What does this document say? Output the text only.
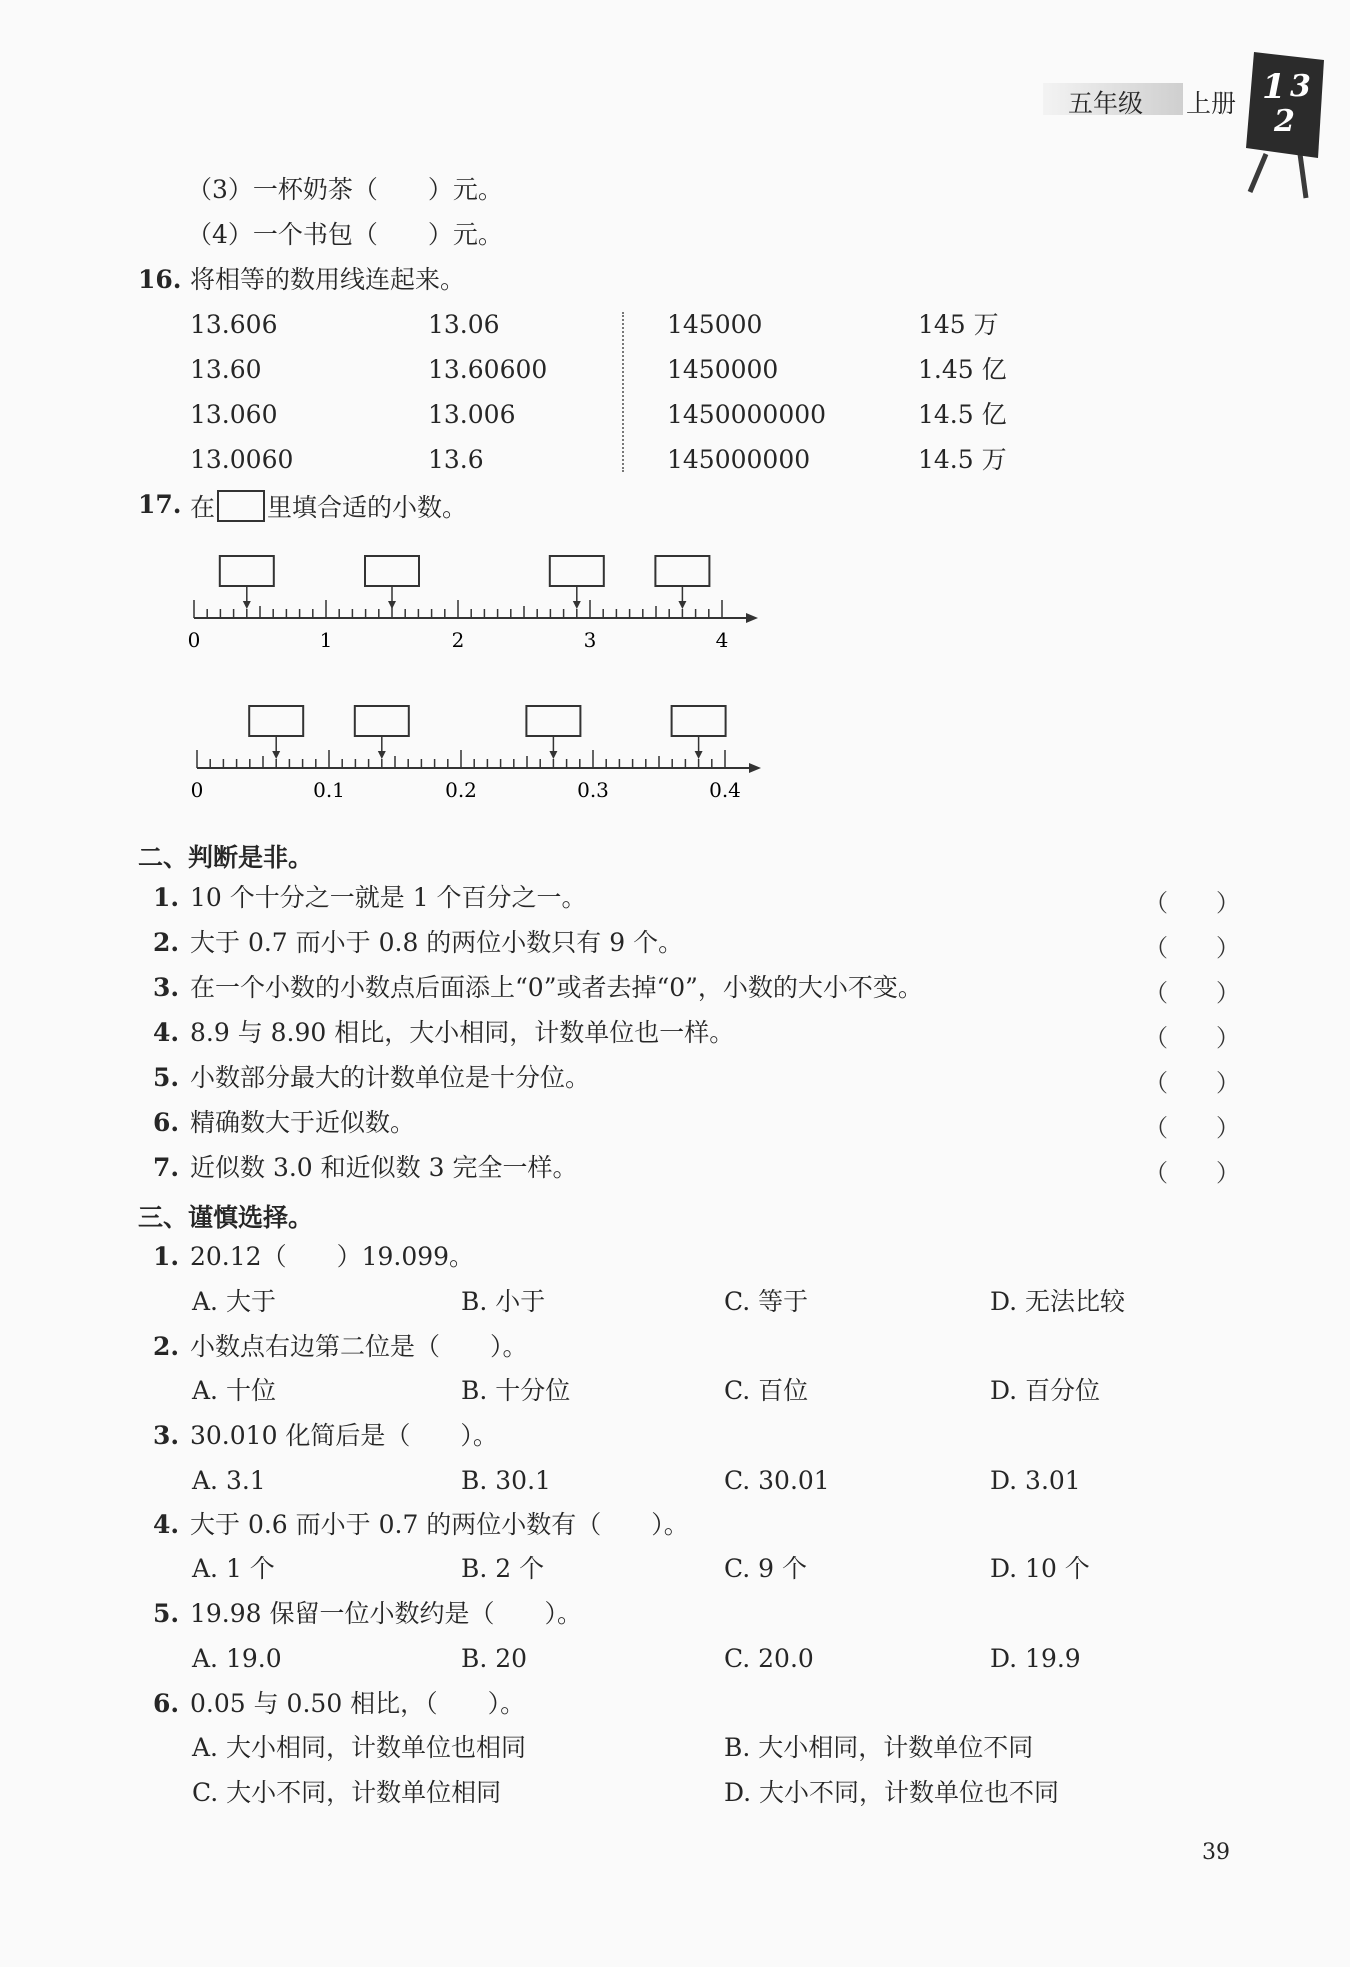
五年级 上册 1 3
2
（3）一杯奶茶（　　）元。
（4）一个书包（　　）元。
16. 将相等的数用线连起来。
13.606	13.06	145000	145 万
13.60	13.60600	1450000	1.45 亿
13.060	13.006	1450000000	14.5 亿
13.0060	13.6	145000000	14.5 万
17. 在 里填合适的小数。
0	1	2	3	4
0	0.1	0.2	0.3	0.4
二、判断是非。
1. 10 个十分之一就是 1 个百分之一。	（　　）
2. 大于 0.7 而小于 0.8 的两位小数只有 9 个。	（　　）
3. 在一个小数的小数点后面添上“0”或者去掉“0”，小数的大小不变。	（　　）
4. 8.9 与 8.90 相比，大小相同，计数单位也一样。	（　　）
5. 小数部分最大的计数单位是十分位。	（　　）
6. 精确数大于近似数。	（　　）
7. 近似数 3.0 和近似数 3 完全一样。	（　　）
三、谨慎选择。
1. 20.12（　　）19.099。
A. 大于	B. 小于	C. 等于	D. 无法比较
2. 小数点右边第二位是（　　）。
A. 十位	B. 十分位	C. 百位	D. 百分位
3. 30.010 化简后是（　　）。
A. 3.1	B. 30.1	C. 30.01	D. 3.01
4. 大于 0.6 而小于 0.7 的两位小数有（　　）。
A. 1 个	B. 2 个	C. 9 个	D. 10 个
5. 19.98 保留一位小数约是（　　）。
A. 19.0	B. 20	C. 20.0	D. 19.9
6. 0.05 与 0.50 相比，（　　）。
A. 大小相同，计数单位也相同	B. 大小相同，计数单位不同
C. 大小不同，计数单位相同	D. 大小不同，计数单位也不同
39
